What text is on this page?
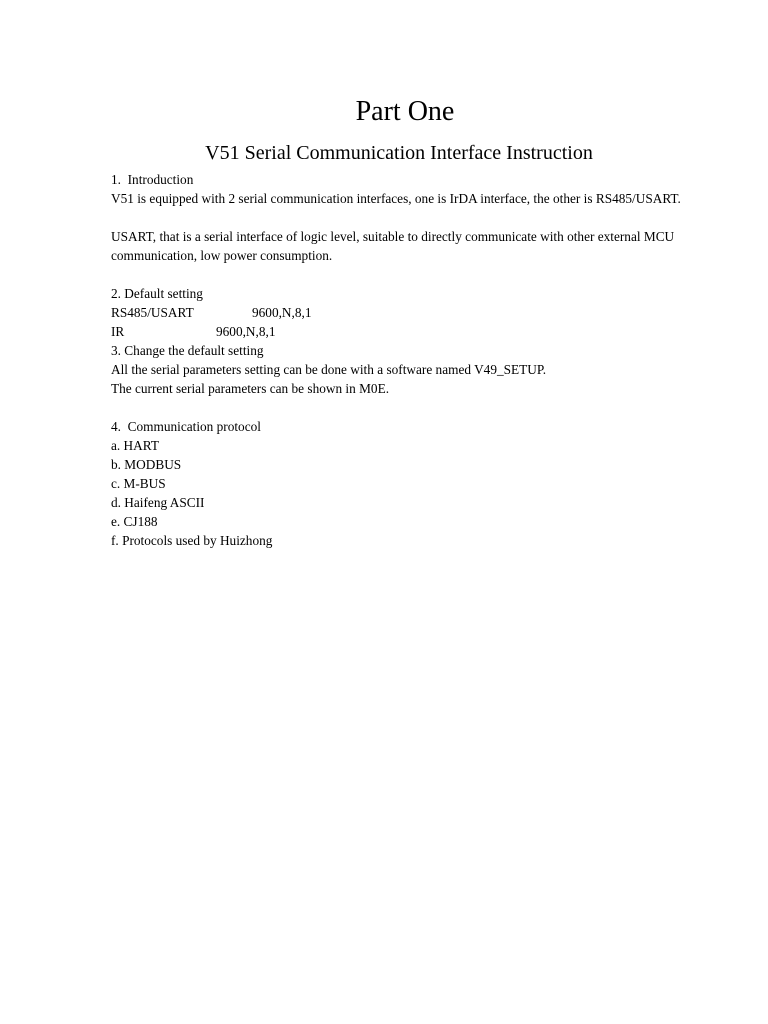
Part One
V51 Serial Communication Interface Instruction
1.  Introduction
V51 is equipped with 2 serial communication interfaces, one is IrDA interface, the other is RS485/USART.
USART, that is a serial interface of logic level, suitable to directly communicate with other external MCU
communication, low power consumption.
2. Default setting
RS485/USART	9600,N,8,1
IR	9600,N,8,1
3. Change the default setting
All the serial parameters setting can be done with a software named V49_SETUP.
The current serial parameters can be shown in M0E.
4.  Communication protocol
a. HART
b. MODBUS
c. M-BUS
d. Haifeng ASCII
e. CJ188
f. Protocols used by Huizhong
